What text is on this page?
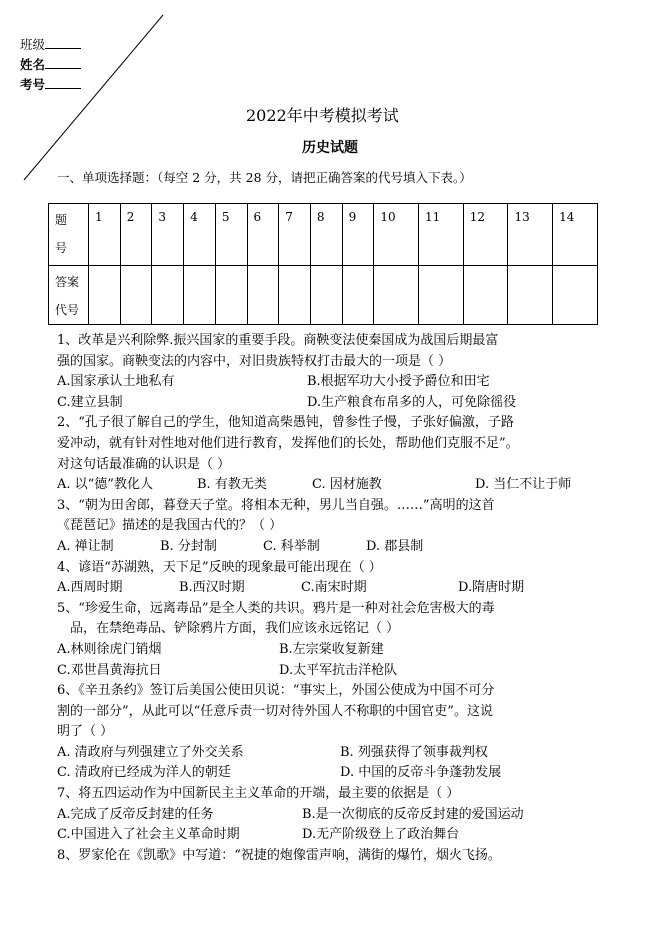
班级
姓名
考号
2022年中考模拟考试
历史试题
一、单项选择题：（每空 2 分，共 28 分，请把正确答案的代号填入下表。）
题号	1	2	3	4	5	6	7	8	9	10	11	12	13	14

答案代号														

1、改革是兴利除弊.振兴国家的重要手段。商鞅变法使秦国成为战国后期最富
强的国家。商鞅变法的内容中，对旧贵族特权打击最大的一项是（ ）
A.国家承认土地私有	B.根据军功大小授予爵位和田宅
C.建立县制	D.生产粮食布帛多的人，可免除徭役
2、“孔子很了解自己的学生，他知道高柴愚钝，曾参性子慢，子张好偏激，子路
爱冲动，就有针对性地对他们进行教育，发挥他们的长处，帮助他们克服不足”。
对这句话最准确的认识是（ ）
A. 以“德”教化人	B. 有教无类	C. 因材施教	D. 当仁不让于师
3、“朝为田舍郎，暮登天子堂。将相本无种，男儿当自强。……”高明的这首
《琵琶记》描述的是我国古代的？（ ）
A. 禅让制	B. 分封制	C. 科举制	D. 郡县制
4、谚语“苏湖熟，天下足”反映的现象最可能出现在（ ）
A.西周时期	B.西汉时期	C.南宋时期	D.隋唐时期
5、“珍爱生命，远离毒品”是全人类的共识。鸦片是一种对社会危害极大的毒
品，在禁绝毒品、铲除鸦片方面，我们应该永远铭记（ ）
A.林则徐虎门销烟	B.左宗棠收复新建
C.邓世昌黄海抗日	D.太平军抗击洋枪队
6、《辛丑条约》签订后美国公使田贝说：“事实上，外国公使成为中国不可分
割的一部分”，从此可以“任意斥责一切对待外国人不称职的中国官吏”。这说
明了（ ）
A. 清政府与列强建立了外交关系	B. 列强获得了领事裁判权
C. 清政府已经成为洋人的朝廷	D. 中国的反帝斗争蓬勃发展
7、将五四运动作为中国新民主主义革命的开端，最主要的依据是（ ）
A.完成了反帝反封建的任务	B.是一次彻底的反帝反封建的爱国运动
C.中国进入了社会主义革命时期	D.无产阶级登上了政治舞台
8、罗家伦在《凯歌》中写道：“祝捷的炮像雷声响，满街的爆竹，烟火飞扬。
